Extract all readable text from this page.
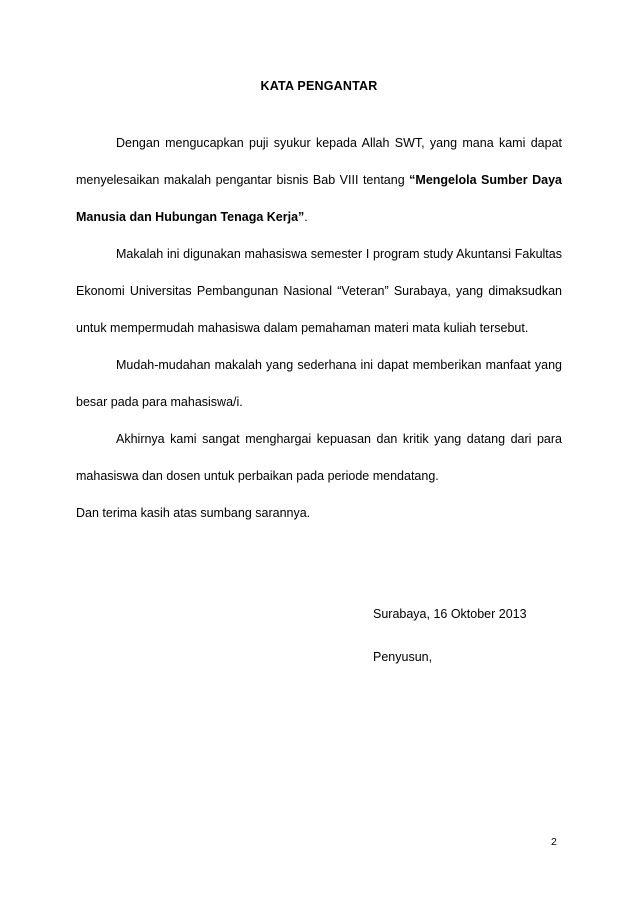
KATA PENGANTAR

Dengan mengucapkan puji syukur kepada Allah SWT, yang mana kami dapat menyelesaikan makalah pengantar bisnis Bab VIII tentang “Mengelola Sumber Daya Manusia dan Hubungan Tenaga Kerja”.

Makalah ini digunakan mahasiswa semester I program study Akuntansi Fakultas Ekonomi Universitas Pembangunan Nasional “Veteran” Surabaya, yang dimaksudkan untuk mempermudah mahasiswa dalam pemahaman materi mata kuliah tersebut.

Mudah-mudahan makalah yang sederhana ini dapat memberikan manfaat yang besar pada para mahasiswa/i.

Akhirnya kami sangat menghargai kepuasan dan kritik yang datang dari para mahasiswa dan dosen untuk perbaikan pada periode mendatang.

Dan terima kasih atas sumbang sarannya.

Surabaya, 16 Oktober 2013
Penyusun,
2
